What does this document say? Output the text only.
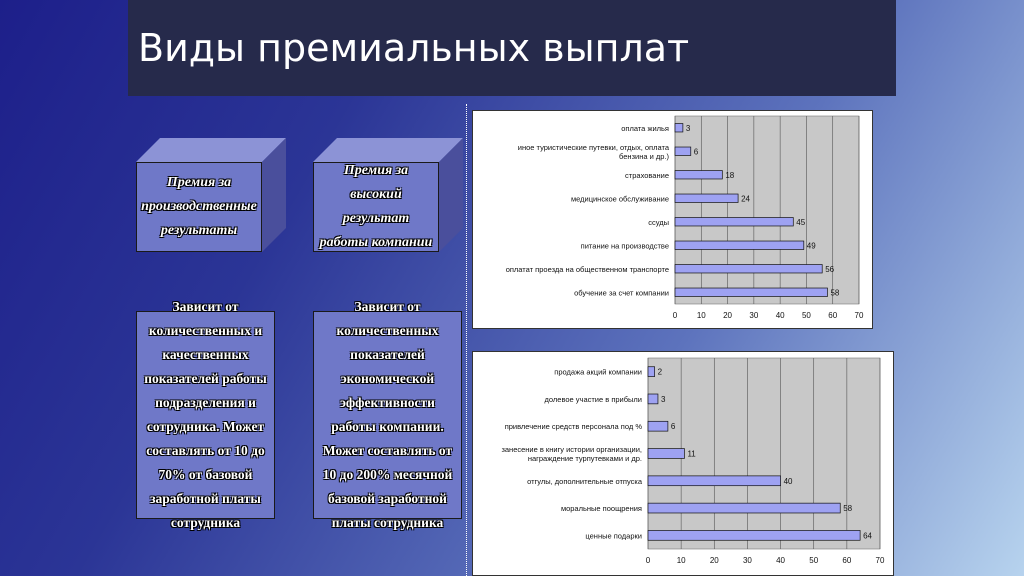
Виды премиальных выплат
Премия за производственные результаты
Премия за высокий результат работы компании
Зависит от количественных и качественных показателей работы подразделения и сотрудника. Может составлять от 10 до 70% от базовой заработной платы сотрудника
Зависит от количественных показателей экономической эффективности работы компании. Может составлять от 10 до 200% месячной базовой заработной платы сотрудника
0 10 20 30 40 50 60 70
3
оплата жилья
6
иное туристические путевки, отдых, оплата бензина и др.)
18
страхование
24
медицинское обслуживание
45
ссуды
49
питание на производстве
56
оплатат проезда на общественном транспорте
58
обучение за счет компании
0	10	20	30	40	50	60	70
2
продажа акций компании
3
долевое участие в прибыли
6
привлечение средств персонала под %
11
занесение в книгу истории организации, награждение турпутевками и др.
40
отгулы, дополнительные отпуска
58
моральные поощрения
64
ценные подарки
